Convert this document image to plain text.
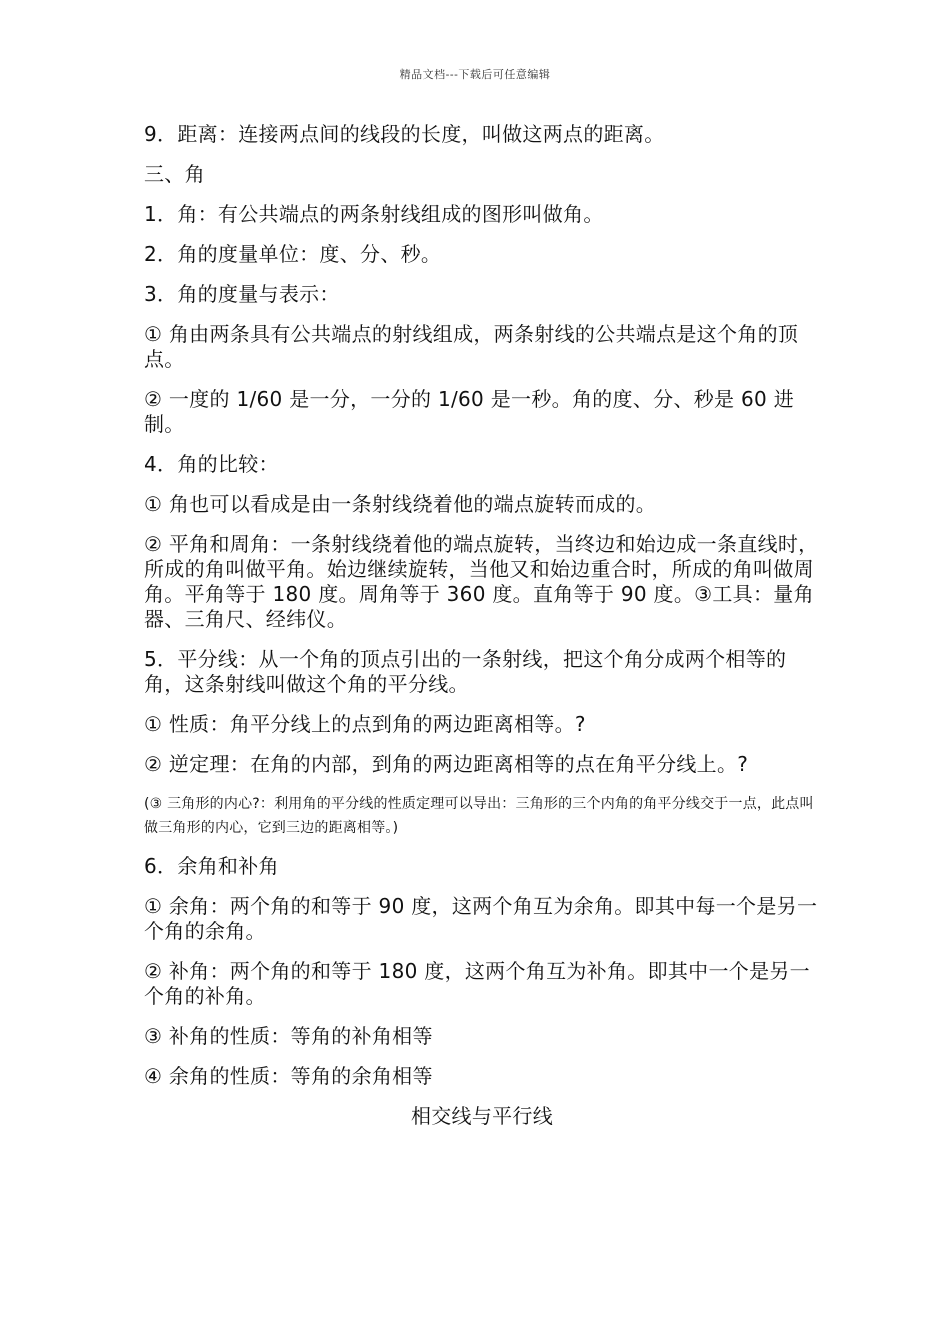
精品文档---下载后可任意编辑

9．距离：连接两点间的线段的长度，叫做这两点的距离。

三、角

1．角：有公共端点的两条射线组成的图形叫做角。

2．角的度量单位：度、分、秒。

3．角的度量与表示：

① 角由两条具有公共端点的射线组成，两条射线的公共端点是这个角的顶点。

② 一度的 1/60 是一分，一分的 1/60 是一秒。角的度、分、秒是 60 进制。

4．角的比较：

① 角也可以看成是由一条射线绕着他的端点旋转而成的。

② 平角和周角：一条射线绕着他的端点旋转，当终边和始边成一条直线时，所成的角叫做平角。始边继续旋转，当他又和始边重合时，所成的角叫做周角。平角等于 180 度。周角等于 360 度。直角等于 90 度。③工具：量角器、三角尺、经纬仪。

5．平分线：从一个角的顶点引出的一条射线，把这个角分成两个相等的角，这条射线叫做这个角的平分线。

① 性质：角平分线上的点到角的两边距离相等。?

② 逆定理：在角的内部，到角的两边距离相等的点在角平分线上。?

(③ 三角形的内心?：利用角的平分线的性质定理可以导出：三角形的三个内角的角平分线交于一点，此点叫做三角形的内心，它到三边的距离相等。)

6．余角和补角

① 余角：两个角的和等于 90 度，这两个角互为余角。即其中每一个是另一个角的余角。

② 补角：两个角的和等于 180 度，这两个角互为补角。即其中一个是另一个角的补角。

③ 补角的性质：等角的补角相等

④ 余角的性质：等角的余角相等

相交线与平行线
